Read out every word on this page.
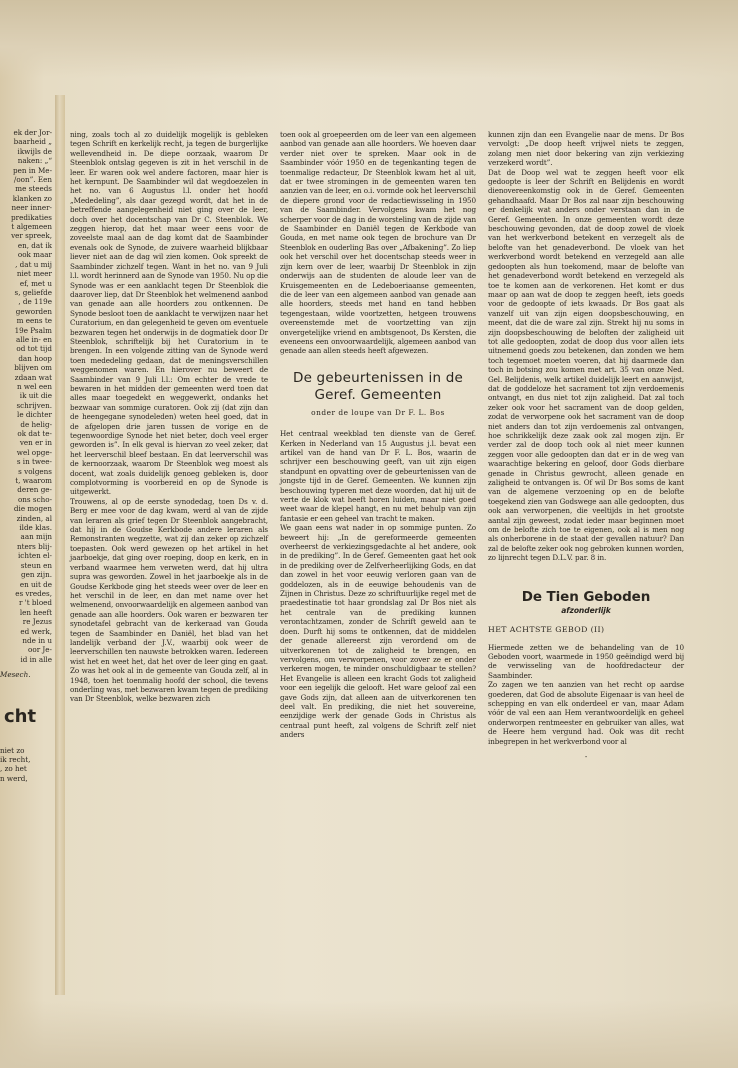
ek der Jor-
baarheid „
ikwijls de
naken: „“
pen in Me-
/oon”. Een
me steeds
klanken zo
neer inner-
predikaties
t algemeen
ver spreek,
en, dat ik
ook maar
, dat u mij
niet meer
ef, met u
s, geliefde
, de 119e
geworden
m eens te
19e Psalm
alle in- en
od tot tijd
dan hoop
blijven om
zdaan wat
n wel een
ik uit die
schrijven.
le dichter
de helig-
ok dat te-
ven er in
wel opge-
s in twee-
s volgens
t, waarom
deren ge-
ons scho-
die mogen
zinden, al
ilde klas.
aan mijn
nters blij-
ichten el-
steun en
gen zijn.
en uit de
es vredes,
r 't bloed
len heeft
re Jezus
ed werk,
nde in u
oor Je-
id in alle
Mesech.
cht
niet zo
ik recht,
, zo het
n werd,

ning, zoals toch al zo duidelijk mogelijk is gebleken tegen Schrift en kerkelijk recht, ja tegen de burgerlijke wellevendheid in. De diepe oorzaak, waarom Dr Steenblok ontslag gegeven is zit in het verschil in de leer. Er waren ook wel andere factoren, maar hier is het kernpunt. De Saambinder wil dat wegdoezelen in het no. van 6 Augustus l.l. onder het hoofd „Mededeling”, als daar gezegd wordt, dat het in de betreffende aangelegenheid niet ging over de leer, doch over het docentschap van Dr C. Steenblok. We zeggen hierop, dat het maar weer eens voor de zoveelste maal aan de dag komt dat de Saambinder evenals ook de Synode, de zuivere waarheid blijkbaar liever niet aan de dag wil zien komen. Ook spreekt de Saambinder zichzelf tegen. Want in het no. van 9 Juli l.l. wordt herinnerd aan de Synode van 1950. Nu op die Synode was er een aanklacht tegen Dr Steenblok die daarover liep, dat Dr Steenblok het welmenend aanbod van genade aan alle hoorders zou ontkennen. De Synode besloot toen de aanklacht te verwijzen naar het Curatorium, en dan gelegenheid te geven om eventuele bezwaren tegen het onderwijs in de dogmatiek door Dr Steenblok, schriftelijk bij het Curatorium in te brengen. In een volgende zitting van de Synode werd toen mededeling gedaan, dat de meningsverschillen weggenomen waren. En hierover nu beweert de Saambinder van 9 Juli l.l.: Om echter de vrede te bewaren in het midden der gemeenten werd toen dat alles maar toegedekt en weggewerkt, ondanks het bezwaar van sommige curatoren. Ook zij (dat zijn dan de heengegane synodeleden) weten heel goed, dat in de afgelopen drie jaren tussen de vorige en de tegenwoordige Synode het niet beter, doch veel erger geworden is”. In elk geval is hiervan zo veel zeker, dat het leerverschil bleef bestaan. En dat leerverschil was de kernoorzaak, waarom Dr Steenblok weg moest als docent, wat zoals duidelijk genoeg gebleken is, door complotvorming is voorbereid en op de Synode is uitgewerkt.

Trouwens, al op de eerste synodedag, toen Ds v. d. Berg er mee voor de dag kwam, werd al van de zijde van leraren als grief tegen Dr Steenblok aangebracht, dat hij in de Goudse Kerkbode andere leraren als Remonstranten wegzette, wat zij dan zeker op zichzelf toepasten. Ook werd gewezen op het artikel in het jaarboekje, dat ging over roeping, doop en kerk, en in verband waarmee hem verweten werd, dat hij ultra supra was geworden. Zowel in het jaarboekje als in de Goudse Kerkbode ging het steeds weer over de leer en het verschil in de leer, en dan met name over het welmenend, onvoorwaardelijk en algemeen aanbod van genade aan alle hoorders. Ook waren er bezwaren ter synodetafel gebracht van de kerkeraad van Gouda tegen de Saambinder en Daniël, het blad van het landelijk verband der J.V., waarbij ook weer de leerverschillen ten nauwste betrokken waren. Iedereen wist het en weet het, dat het over de leer ging en gaat. Zo was het ook al in de gemeente van Gouda zelf, al in 1948, toen het toenmalig hoofd der school, die tevens onderling was, met bezwaren kwam tegen de prediking van Dr Steenblok, welke bezwaren zich

toen ook al groepeerden om de leer van een algemeen aanbod van genade aan alle hoorders. We hoeven daar verder niet over te spreken. Maar ook in de Saambinder vóór 1950 en de tegenkanting tegen de toenmalige redacteur, Dr Steenblok kwam het al uit, dat er twee stromingen in de gemeenten waren ten aanzien van de leer, en o.i. vormde ook het leerverschil de diepere grond voor de redactiewisseling in 1950 van de Saambinder. Vervolgens kwam het nog scherper voor de dag in de worsteling van de zijde van de Saambinder en Daniël tegen de Kerkbode van Gouda, en met name ook tegen de brochure van Dr Steenblok en ouderling Bas over „Afbakening”. Zo liep ook het verschil over het docentschap steeds weer in zijn kern over de leer, waarbij Dr Steenblok in zijn onderwijs aan de studenten de aloude leer van de Kruisgemeenten en de Ledeboeriaanse gemeenten, die de leer van een algemeen aanbod van genade aan alle hoorders, steeds met hand en tand hebben tegengestaan, wilde voortzetten, hetgeen trouwens overeenstemde met de voortzetting van zijn onvergetelijke vriend en ambtsgenoot, Ds Kersten, die eveneens een onvoorwaardelijk, algemeen aanbod van genade aan allen steeds heeft afgewezen.

De gebeurtenissen in de Geref. Gemeenten
onder de loupe van Dr F. L. Bos

Het centraal weekblad ten dienste van de Geref. Kerken in Nederland van 15 Augustus j.l. bevat een artikel van de hand van Dr F. L. Bos, waarin de schrijver een beschouwing geeft, van uit zijn eigen standpunt en opvatting over de gebeurtenissen van de jongste tijd in de Geref. Gemeenten. We kunnen zijn beschouwing typeren met deze woorden, dat hij uit de verte de klok wat heeft horen luiden, maar niet goed weet waar de klepel hangt, en nu met behulp van zijn fantasie er een geheel van tracht te maken.

We gaan eens wat nader in op sommige punten. Zo beweert hij: „In de gereformeerde gemeenten overheerst de verkiezingsgedachte al het andere, ook in de prediking”. In de Geref. Gemeenten gaat het ook in de prediking over de Zelfverheerlijking Gods, en dat dan zowel in het voor eeuwig verloren gaan van de goddelozen, als in de eeuwige behoudenis van de Zijnen in Christus. Deze zo schriftuurlijke regel met de praedestinatie tot haar grondslag zal Dr Bos niet als het centrale van de prediking kunnen verontachtzamen, zonder de Schrift geweld aan te doen. Durft hij soms te ontkennen, dat de middelen der genade allereerst zijn verordend om de uitverkorenen tot de zaligheid te brengen, en vervolgens, om verworpenen, voor zover ze er onder verkeren mogen, te minder onschuldigbaar te stellen? Het Evangelie is alleen een kracht Gods tot zaligheid voor een iegelijk die gelooft. Het ware geloof zal een gave Gods zijn, dat alleen aan de uitverkorenen ten deel valt. En prediking, die niet het souvereine, eenzijdige werk der genade Gods in Christus als centraal punt heeft, zal volgens de Schrift zelf niet anders

kunnen zijn dan een Evangelie naar de mens. Dr Bos vervolgt: „De doop heeft vrijwel niets te zeggen, zolang men niet door bekering van zijn verkiezing verzekerd wordt”.

Dat de Doop wel wat te zeggen heeft voor elk gedoopte is leer der Schrift en Belijdenis en wordt dienovereenkomstig ook in de Geref. Gemeenten gehandhaafd. Maar Dr Bos zal naar zijn beschouwing er denkelijk wat anders onder verstaan dan in de Geref. Gemeenten. In onze gemeenten wordt deze beschouwing gevonden, dat de doop zowel de vloek van het werkverbond betekent en verzegelt als de belofte van het genadeverbond. De vloek van het werkverbond wordt betekend en verzegeld aan alle gedoopten als hun toekomend, maar de belofte van het genadeverbond wordt betekend en verzegeld als toe te komen aan de verkorenen. Het komt er dus maar op aan wat de doop te zeggen heeft, iets goeds voor de gedoopte of iets kwaads. Dr Bos gaat als vanzelf uit van zijn eigen doopsbeschouwing, en meent, dat die de ware zal zijn. Strekt hij nu soms in zijn doopsbeschouwing de beloften der zaligheid uit tot alle gedoopten, zodat de doop dus voor allen iets uitnemend goeds zou betekenen, dan zonden we hem toch tegemoet moeten voeren, dat hij daarmede dan toch in botsing zou komen met art. 35 van onze Ned. Gel. Belijdenis, welk artikel duidelijk leert en aanwijst, dat de goddeloze het sacrament tot zijn verdoemenis ontvangt, en dus niet tot zijn zaligheid. Dat zal toch zeker ook voor het sacrament van de doop gelden, zodat de verworpene ook het sacrament van de doop niet anders dan tot zijn verdoemenis zal ontvangen, hoe schrikkelijk deze zaak ook zal mogen zijn. Er verder zal de doop toch ook al niet meer kunnen zeggen voor alle gedoopten dan dat er in de weg van waarachtige bekering en geloof, door Gods dierbare genade in Christus gewrocht, alleen genade en zaligheid te ontvangen is. Of wil Dr Bos soms de kant van de algemene verzoening op en de belofte toegekend zien van Godswege aan alle gedoopten, dus ook aan verworpenen, die veeltijds in het grootste aantal zijn geweest, zodat ieder maar beginnen moet om de belofte zich toe te eigenen, ook al is men nog als onherborene in de staat der gevallen natuur? Dan zal de belofte zeker ook nog gebroken kunnen worden, zo lijnrecht tegen D.L.V. par. 8 in.

De Tien Geboden
afzonderlijk
HET ACHTSTE GEBOD (II)

Hiermede zetten we de behandeling van de 10 Geboden voort, waarmede in 1950 geëindigd werd bij de verwisseling van de hoofdredacteur der Saambinder.

Zo zagen we ten aanzien van het recht op aardse goederen, dat God de absolute Eigenaar is van heel de schepping en van elk onderdeel er van, maar Adam vóór de val een aan Hem verantwoordelijk en geheel onderworpen rentmeester en gebruiker van alles, wat de Heere hem vergund had. Ook was dit recht inbegrepen in het werkverbond voor al

-
